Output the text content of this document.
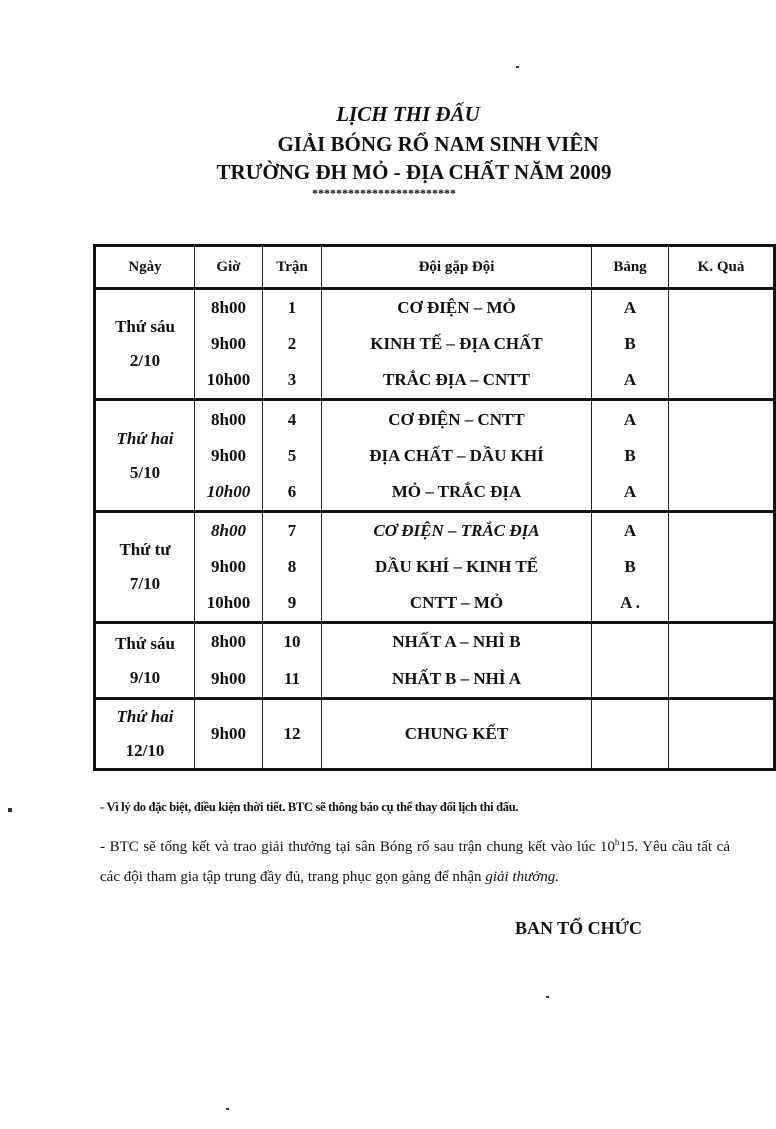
LỊCH THI ĐẤU
GIẢI BÓNG RỔ NAM SINH VIÊN
TRƯỜNG ĐH MỎ - ĐỊA CHẤT NĂM 2009
************************
Ngày	Giờ	Trận	Đội gặp Đội	Bảng	K. Quả

Thứ sáu
2/10	8h00	1	CƠ ĐIỆN – MỎ	A	
	9h00	2	KINH TẾ – ĐỊA CHẤT	B	
	10h00	3	TRẮC ĐỊA – CNTT	A	

Thứ hai
5/10	8h00	4	CƠ ĐIỆN – CNTT	A	
	9h00	5	ĐỊA CHẤT – DẦU KHÍ	B	
	10h00	6	MỎ – TRẮC ĐỊA	A	

Thứ tư
7/10	8h00	7	CƠ ĐIỆN – TRẮC ĐỊA	A	
	9h00	8	DẦU KHÍ – KINH TẾ	B	
	10h00	9	CNTT – MỎ	A .	

Thứ sáu
9/10	8h00	10	NHẤT A – NHÌ B		
	9h00	11	NHẤT B – NHÌ A		

Thứ hai
12/10	9h00	12	CHUNG KẾT		
- Vì lý do đặc biệt, điều kiện thời tiết. BTC sẽ thông báo cụ thể thay đổi lịch thi đấu.
- BTC sẽ tổng kết và trao giải thưởng tại sân Bóng rổ sau trận chung kết vào lúc 10$^h$15. Yêu cầu tất cả các đội tham gia tập trung đầy đủ, trang phục gọn gàng để nhận giải thưởng.
BAN TỔ CHỨC
